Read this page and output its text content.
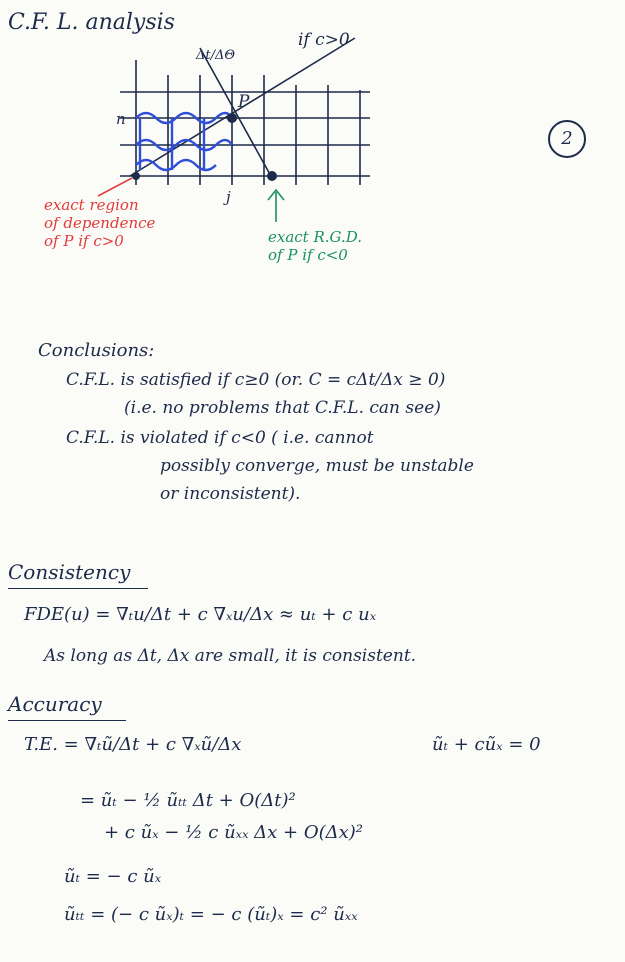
C.F. L. analysis
2
Δt/ΔΘ
if c>0
P
n
j
exact region
of dependence
of P if c>0	exact R.G.D.
of P if c<0
Conclusions:
C.F.L. is satisfied if c≥0 (or. C = cΔt/Δx ≥ 0)
(i.e. no problems that C.F.L. can see)
C.F.L. is violated if c<0 ( i.e. cannot
possibly converge, must be unstable
or inconsistent).
Consistency
FDE(u) = ∇ₜu/Δt + c ∇ₓu/Δx ≈ uₜ + c uₓ
As long as Δt, Δx are small, it is consistent.
Accuracy
T.E. = ∇ₜũ/Δt + c ∇ₓũ/Δx	ũₜ + cũₓ = 0
= ũₜ − ½ ũₜₜ Δt + O(Δt)²
+ c ũₓ − ½ c ũₓₓ Δx + O(Δx)²
ũₜ = − c ũₓ
ũₜₜ = (− c ũₓ)ₜ = − c (ũₜ)ₓ = c² ũₓₓ
